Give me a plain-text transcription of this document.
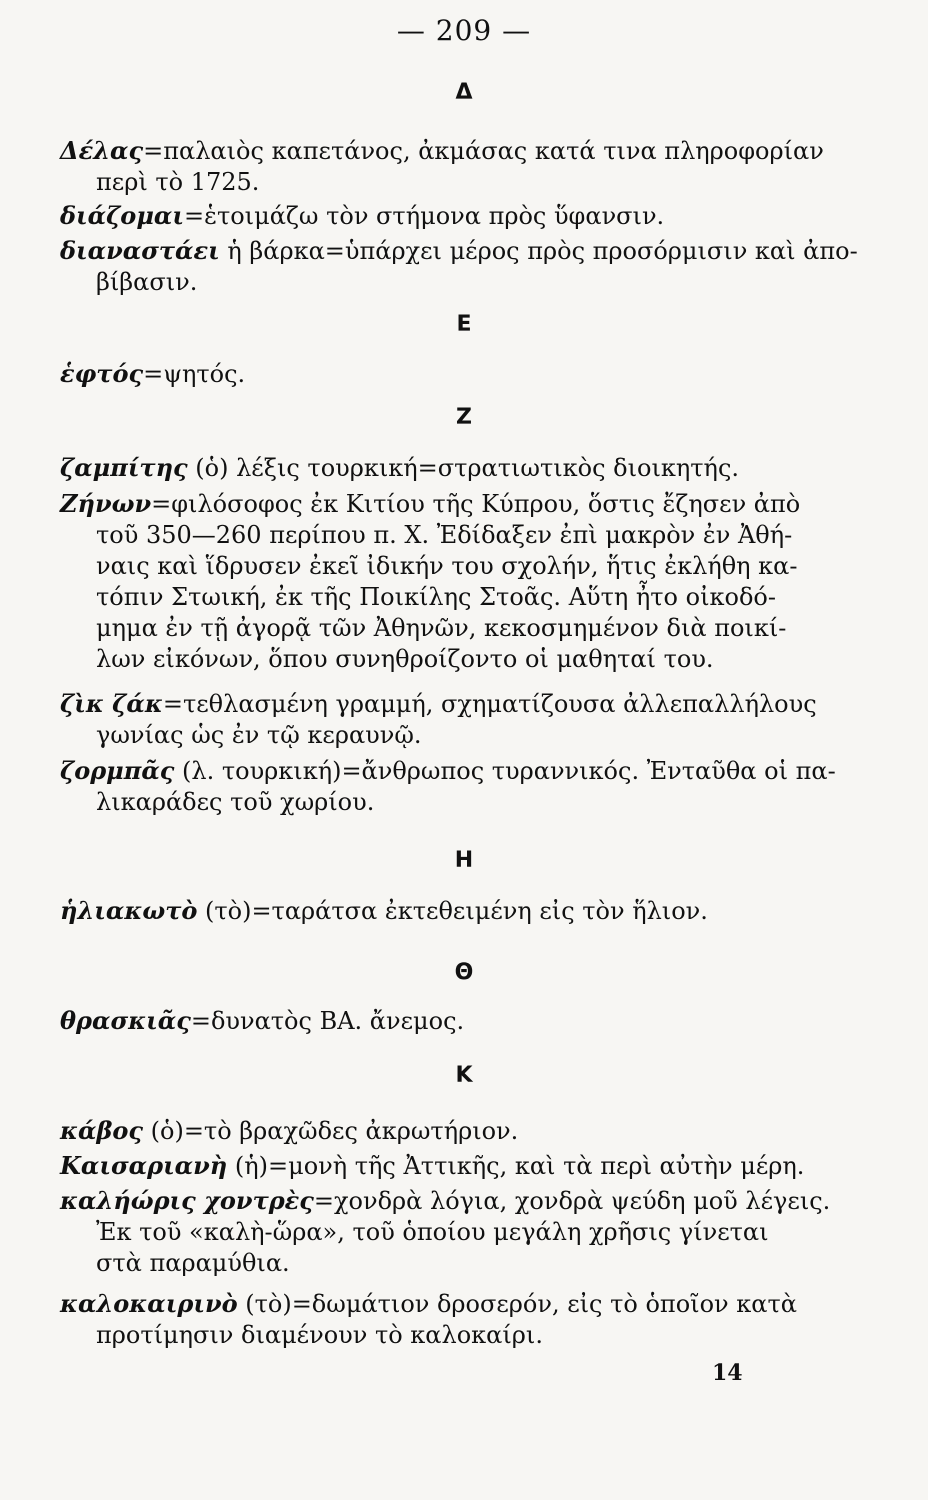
— 209 —
Δ
Δέλας=παλαιὸς καπετάνος, ἀκμάσας κατά τινα πληροφορίαν
περὶ τὸ 1725.
διάζομαι=ἑτοιμάζω τὸν στήμονα πρὸς ὕφανσιν.
διαναστάει ἡ βάρκα=ὑπάρχει μέρος πρὸς προσόρμισιν καὶ ἀπο-
βίβασιν.
Ε
ἑφτός=ψητός.
Ζ
ζαμπίτης (ὁ) λέξις τουρκική=στρατιωτικὸς διοικητής.
Ζήνων=φιλόσοφος ἐκ Κιτίου τῆς Κύπρου, ὅστις ἔζησεν ἀπὸ
τοῦ 350—260 περίπου π. Χ. Ἐδίδαξεν ἐπὶ μακρὸν ἐν Ἀθή-
ναις καὶ ἵδρυσεν ἐκεῖ ἰδικήν του σχολήν, ἥτις ἐκλήθη κα-
τόπιν Στωική, ἐκ τῆς Ποικίλης Στοᾶς. Αὕτη ἦτο οἰκοδό-
μημα ἐν τῇ ἀγορᾷ τῶν Ἀθηνῶν, κεκοσμημένον διὰ ποικί-
λων εἰκόνων, ὅπου συνηθροίζοντο οἱ μαθηταί του.
ζὶκ ζάκ=τεθλασμένη γραμμή, σχηματίζουσα ἀλλεπαλλήλους
γωνίας ὡς ἐν τῷ κεραυνῷ.
ζορμπᾶς (λ. τουρκική)=ἄνθρωπος τυραννικός. Ἐνταῦθα οἱ πα-
λικαράδες τοῦ χωρίου.
Η
ἡλιακωτὸ (τὸ)=ταράτσα ἐκτεθειμένη εἰς τὸν ἥλιον.
Θ
θρασκιᾶς=δυνατὸς ΒΑ. ἄνεμος.
Κ
κάβος (ὁ)=τὸ βραχῶδες ἀκρωτήριον.
Καισαριανὴ (ἡ)=μονὴ τῆς Ἀττικῆς, καὶ τὰ περὶ αὐτὴν μέρη.
καλήώρις χοντρὲς=χονδρὰ λόγια, χονδρὰ ψεύδη μοῦ λέγεις.
Ἐκ τοῦ «καλὴ-ὥρα», τοῦ ὁποίου μεγάλη χρῆσις γίνεται
στὰ παραμύθια.
καλοκαιρινὸ (τὸ)=δωμάτιον δροσερόν, εἰς τὸ ὁποῖον κατὰ
προτίμησιν διαμένουν τὸ καλοκαίρι.
14
